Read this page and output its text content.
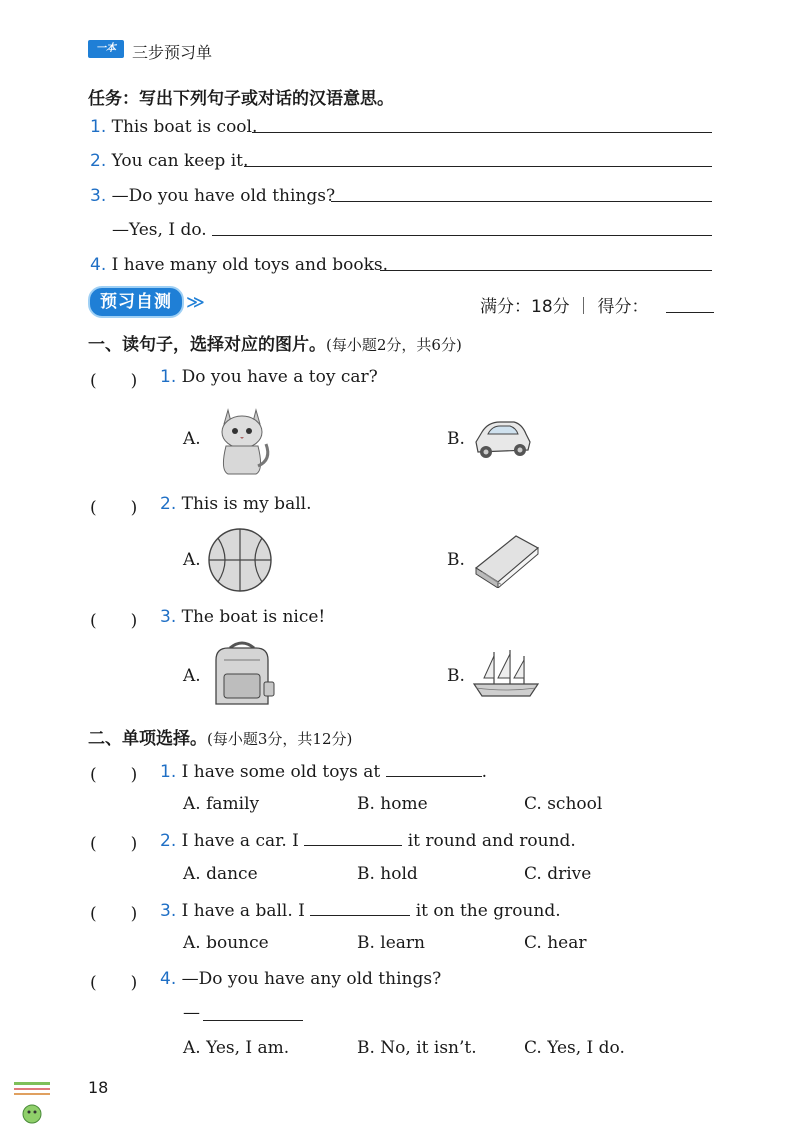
一本	三步预习单
任务：写出下列句子或对话的汉语意思。
1. This boat is cool.
2. You can keep it.
3. —Do you have old things?
—Yes, I do.
4. I have many old toys and books.
预习自测 ≫	满分：18分 ｜ 得分：
一、读句子，选择对应的图片。(每小题2分，共6分)
(　　) 1. Do you have a toy car?
A.	B.
(　　) 2. This is my ball.
A.	B.
(　　) 3. The boat is nice!
A.	B.
二、单项选择。(每小题3分，共12分)
(　　) 1. I have some old toys at	.
A. family	B. home	C. school
(　　) 2. I have a car. I	it round and round.
A. dance	B. hold	C. drive
(　　) 3. I have a ball. I	it on the ground.
A. bounce	B. learn	C. hear
(　　) 4. —Do you have any old things?
—
A. Yes, I am.	B. No, it isn’t.	C. Yes, I do.
18
